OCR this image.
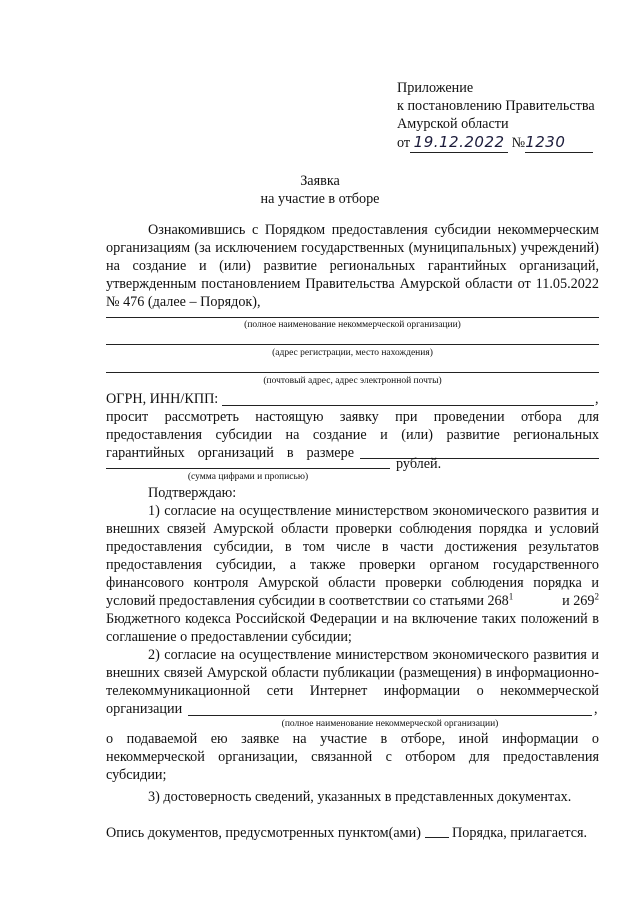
Приложение
к постановлению Правительства
Амурской области
от 19.12.2022 №1230
Заявка
на участие в отборе
Ознакомившись с Порядком предоставления субсидии некоммерческим
организациям (за исключением государственных (муниципальных) учреждений)
на создание и (или) развитие региональных гарантийных организаций,
утвержденным постановлением Правительства Амурской области от 11.05.2022
№ 476 (далее – Порядок),
(полное наименование некоммерческой организации)
(адрес регистрации, место нахождения)
(почтовый адрес, адрес электронной почты)
ОГРН, ИНН/КПП:	,
просит рассмотреть настоящую заявку при проведении отбора для
предоставления субсидии на создание и (или) развитие региональных
гарантийных организаций в размере
рублей.
(сумма цифрами и прописью)
Подтверждаю:
1) согласие на осуществление министерством экономического развития и
внешних связей Амурской области проверки соблюдения порядка и условий
предоставления субсидии, в том числе в части достижения результатов
предоставления субсидии, а также проверки органом государственного
финансового контроля Амурской области проверки соблюдения порядка и
условий предоставления субсидии в соответствии со статьями $268^1$	и $269^2$
Бюджетного кодекса Российской Федерации и на включение таких положений в
соглашение о предоставлении субсидии;
2) согласие на осуществление министерством экономического развития и
внешних связей Амурской области публикации (размещения) в информационно-
телекоммуникационной сети Интернет информации о некоммерческой
организации	,
(полное наименование некоммерческой организации)
о подаваемой ею заявке на участие в отборе, иной информации о
некоммерческой организации, связанной с отбором для предоставления
субсидии;
3) достоверность сведений, указанных в представленных документах.
Опись документов, предусмотренных пунктом(ами) Порядка, прилагается.
